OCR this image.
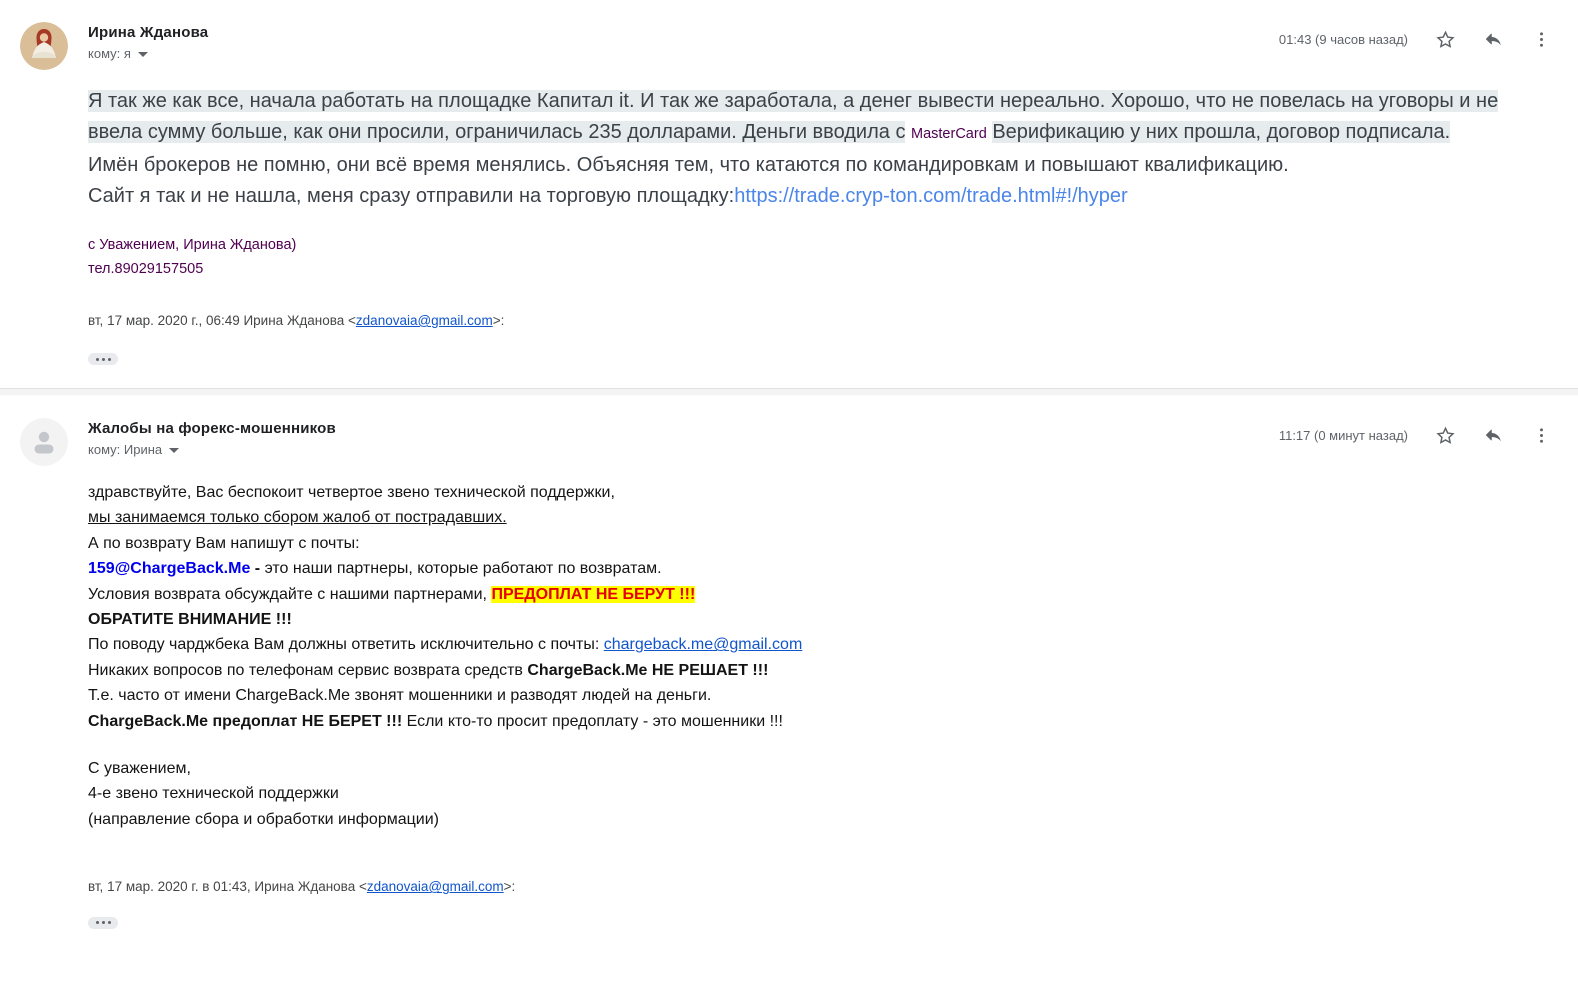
Ирина Жданова
кому: я
01:43 (9 часов назад)
Я так же как все, начала работать на площадке Капитал it. И так же заработала, а денег вывести нереально. Хорошо, что не повелась на уговоры и не ввела сумму больше, как они просили, ограничилась 235 долларами. Деньги вводила с MasterCard Верификацию у них прошла, договор подписала.
Имён брокеров не помню, они всё время менялись. Объясняя тем, что катаются по командировкам и повышают квалификацию.
Сайт я так и не нашла, меня сразу отправили на торговую площадку:https://trade.cryp-ton.com/trade.html#!/hyper
с Уважением, Ирина Жданова)
тел.89029157505
вт, 17 мар. 2020 г., 06:49 Ирина Жданова <zdanovaia@gmail.com>:
Жалобы на форекс-мошенников
кому: Ирина
11:17 (0 минут назад)
здравствуйте, Вас беспокоит четвертое звено технической поддержки,
мы занимаемся только сбором жалоб от пострадавших.
А по возврату Вам напишут с почты:
159@ChargeBack.Me - это наши партнеры, которые работают по возвратам.
Условия возврата обсуждайте с нашими партнерами, ПРЕДОПЛАТ НЕ БЕРУТ !!!
ОБРАТИТЕ ВНИМАНИЕ !!!
По поводу чарджбека Вам должны ответить исключительно с почты: chargeback.me@gmail.com
Никаких вопросов по телефонам сервис возврата средств ChargeBack.Me НЕ РЕШАЕТ !!!
Т.е. часто от имени ChargeBack.Me звонят мошенники и разводят людей на деньги.
ChargeBack.Me предоплат НЕ БЕРЕТ !!! Если кто-то просит предоплату - это мошенники !!!
С уважением,
4-е звено технической поддержки
(направление сбора и обработки информации)
вт, 17 мар. 2020 г. в 01:43, Ирина Жданова <zdanovaia@gmail.com>:
